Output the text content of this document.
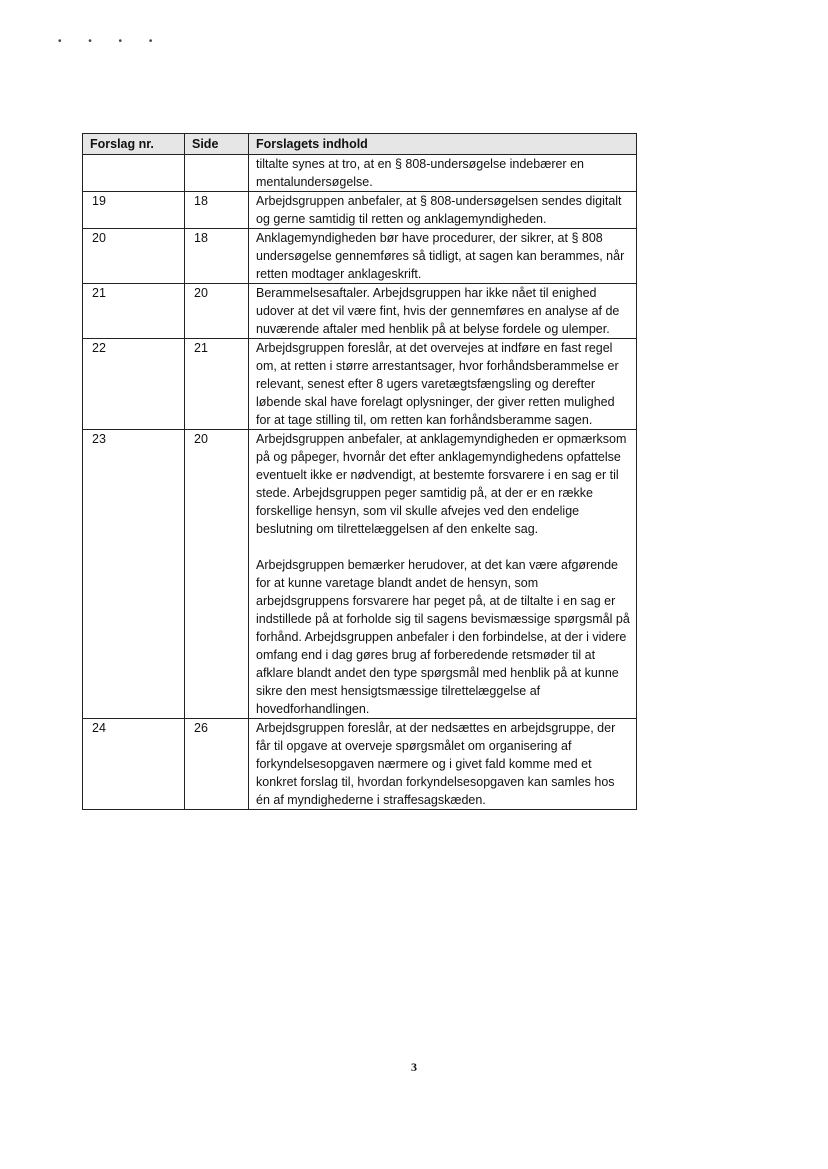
• • • •
Forslag nr.	Side	Forslagets indhold

		tiltalte synes at tro, at en § 808-undersøgelse indebærer en mentalundersøgelse.

19	18	Arbejdsgruppen anbefaler, at § 808-undersøgelsen sendes digitalt og gerne samtidig til retten og anklagemyndigheden.

20	18	Anklagemyndigheden bør have procedurer, der sikrer, at § 808 undersøgelse gennemføres så tidligt, at sagen kan berammes, når retten modtager anklageskrift.

21	20	Berammelsesaftaler. Arbejdsgruppen har ikke nået til enighed udover at det vil være fint, hvis der gennemføres en analyse af de nuværende aftaler med henblik på at belyse fordele og ulemper.

22	21	Arbejdsgruppen foreslår, at det overvejes at indføre en fast regel om, at retten i større arrestantsager, hvor forhåndsberammelse er relevant, senest efter 8 ugers varetægtsfængsling og derefter løbende skal have forelagt oplysninger, der giver retten mulighed for at tage stilling til, om retten kan forhåndsberamme sagen.

23	20	Arbejdsgruppen anbefaler, at anklagemyndigheden er opmærksom på og påpeger, hvornår det efter anklagemyndighedens opfattelse eventuelt ikke er nødvendigt, at bestemte forsvarere i en sag er til stede. Arbejdsgruppen peger samtidig på, at der er en række forskellige hensyn, som vil skulle afvejes ved den endelige beslutning om tilrettelæggelsen af den enkelte sag.

Arbejdsgruppen bemærker herudover, at det kan være afgørende for at kunne varetage blandt andet de hensyn, som arbejdsgruppens forsvarere har peget på, at de tiltalte i en sag er indstillede på at forholde sig til sagens bevismæssige spørgsmål på forhånd. Arbejdsgruppen anbefaler i den forbindelse, at der i videre omfang end i dag gøres brug af forberedende retsmøder til at afklare blandt andet den type spørgsmål med henblik på at kunne sikre den mest hensigtsmæssige tilrettelæggelse af hovedforhandlingen.

24	26	Arbejdsgruppen foreslår, at der nedsættes en arbejdsgruppe, der får til opgave at overveje spørgsmålet om organisering af forkyndelsesopgaven nærmere og i givet fald komme med et konkret forslag til, hvordan forkyndelsesopgaven kan samles hos én af myndighederne i straffesagskæden.

3
